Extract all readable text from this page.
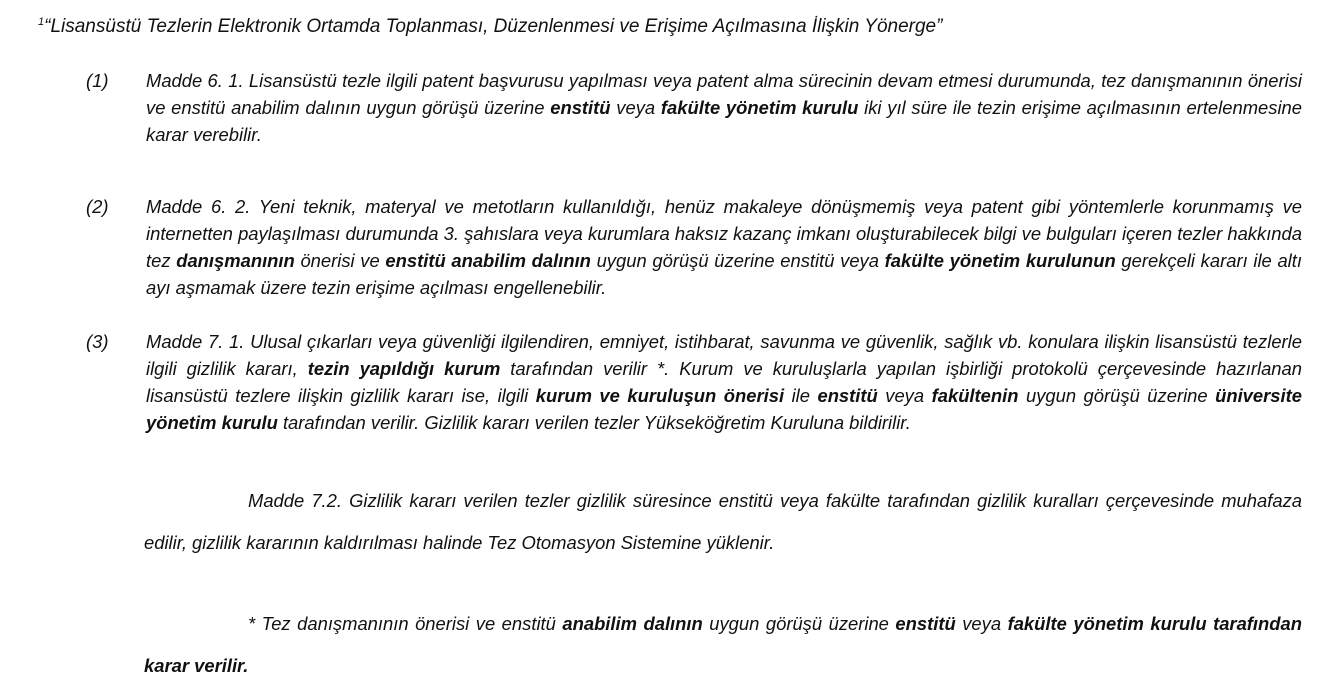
$^1$“Lisansüstü Tezlerin Elektronik Ortamda Toplanması, Düzenlenmesi ve Erişime Açılmasına İlişkin Yönerge”
(1) Madde 6. 1. Lisansüstü tezle ilgili patent başvurusu yapılması veya patent alma sürecinin devam etmesi durumunda, tez danışmanının önerisi ve enstitü anabilim dalının uygun görüşü üzerine enstitü veya fakülte yönetim kurulu iki yıl süre ile tezin erişime açılmasının ertelenmesine karar verebilir.
(2) Madde 6. 2. Yeni teknik, materyal ve metotların kullanıldığı, henüz makaleye dönüşmemiş veya patent gibi yöntemlerle korunmamış ve internetten paylaşılması durumunda 3. şahıslara veya kurumlara haksız kazanç imkanı oluşturabilecek bilgi ve bulguları içeren tezler hakkında tez danışmanının önerisi ve enstitü anabilim dalının uygun görüşü üzerine enstitü veya fakülte yönetim kurulunun gerekçeli kararı ile altı ayı aşmamak üzere tezin erişime açılması engellenebilir.
(3) Madde 7. 1. Ulusal çıkarları veya güvenliği ilgilendiren, emniyet, istihbarat, savunma ve güvenlik, sağlık vb. konulara ilişkin lisansüstü tezlerle ilgili gizlilik kararı, tezin yapıldığı kurum tarafından verilir *. Kurum ve kuruluşlarla yapılan işbirliği protokolü çerçevesinde hazırlanan lisansüstü tezlere ilişkin gizlilik kararı ise, ilgili kurum ve kuruluşun önerisi ile enstitü veya fakültenin uygun görüşü üzerine üniversite yönetim kurulu tarafından verilir. Gizlilik kararı verilen tezler Yükseköğretim Kuruluna bildirilir.
Madde 7.2. Gizlilik kararı verilen tezler gizlilik süresince enstitü veya fakülte tarafından gizlilik kuralları çerçevesinde muhafaza edilir, gizlilik kararının kaldırılması halinde Tez Otomasyon Sistemine yüklenir.
* Tez danışmanının önerisi ve enstitü anabilim dalının uygun görüşü üzerine enstitü veya fakülte yönetim kurulu tarafından karar verilir.
